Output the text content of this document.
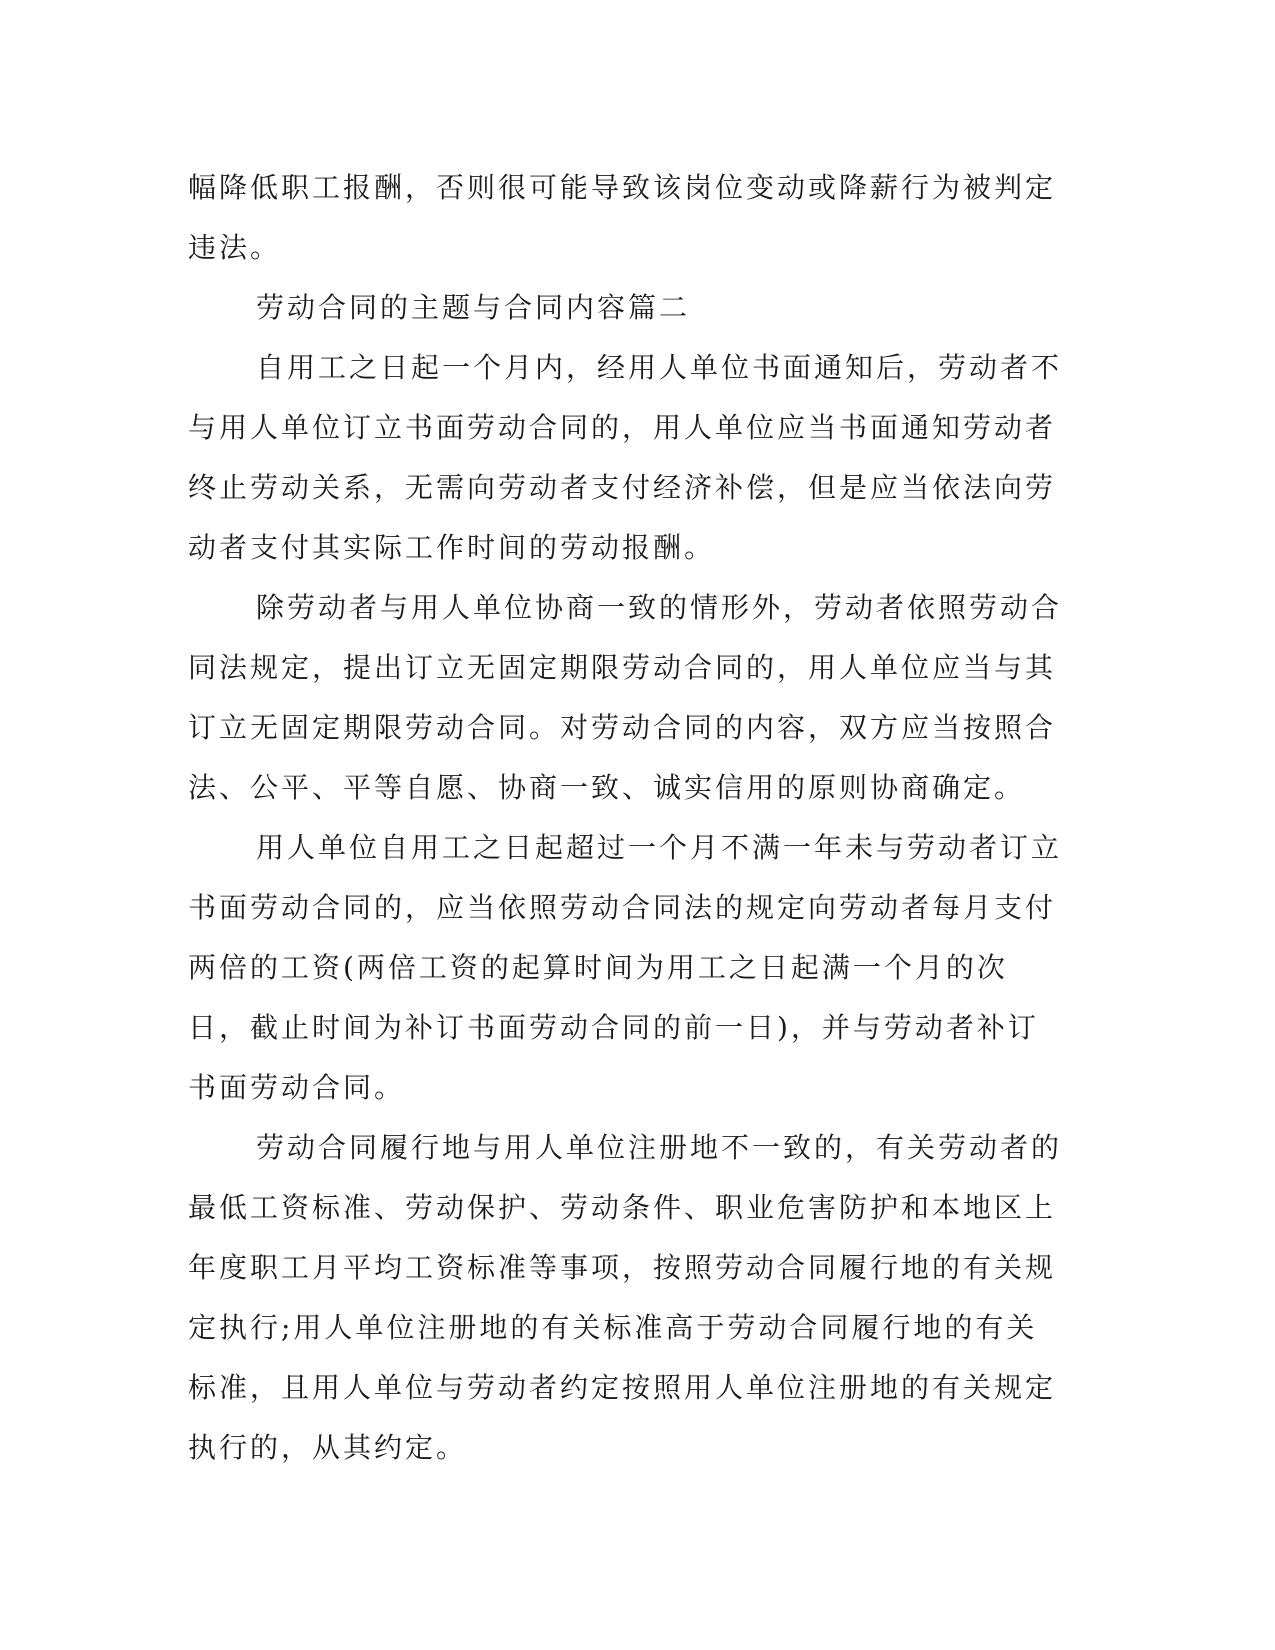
幅降低职工报酬，否则很可能导致该岗位变动或降薪行为被判定违法。

劳动合同的主题与合同内容篇二

自用工之日起一个月内，经用人单位书面通知后，劳动者不与用人单位订立书面劳动合同的，用人单位应当书面通知劳动者终止劳动关系，无需向劳动者支付经济补偿，但是应当依法向劳动者支付其实际工作时间的劳动报酬。

除劳动者与用人单位协商一致的情形外，劳动者依照劳动合同法规定，提出订立无固定期限劳动合同的，用人单位应当与其订立无固定期限劳动合同。对劳动合同的内容，双方应当按照合法、公平、平等自愿、协商一致、诚实信用的原则协商确定。

用人单位自用工之日起超过一个月不满一年未与劳动者订立书面劳动合同的，应当依照劳动合同法的规定向劳动者每月支付两倍的工资(两倍工资的起算时间为用工之日起满一个月的次日，截止时间为补订书面劳动合同的前一日)，并与劳动者补订书面劳动合同。

劳动合同履行地与用人单位注册地不一致的，有关劳动者的最低工资标准、劳动保护、劳动条件、职业危害防护和本地区上年度职工月平均工资标准等事项，按照劳动合同履行地的有关规定执行;用人单位注册地的有关标准高于劳动合同履行地的有关标准，且用人单位与劳动者约定按照用人单位注册地的有关规定执行的，从其约定。
